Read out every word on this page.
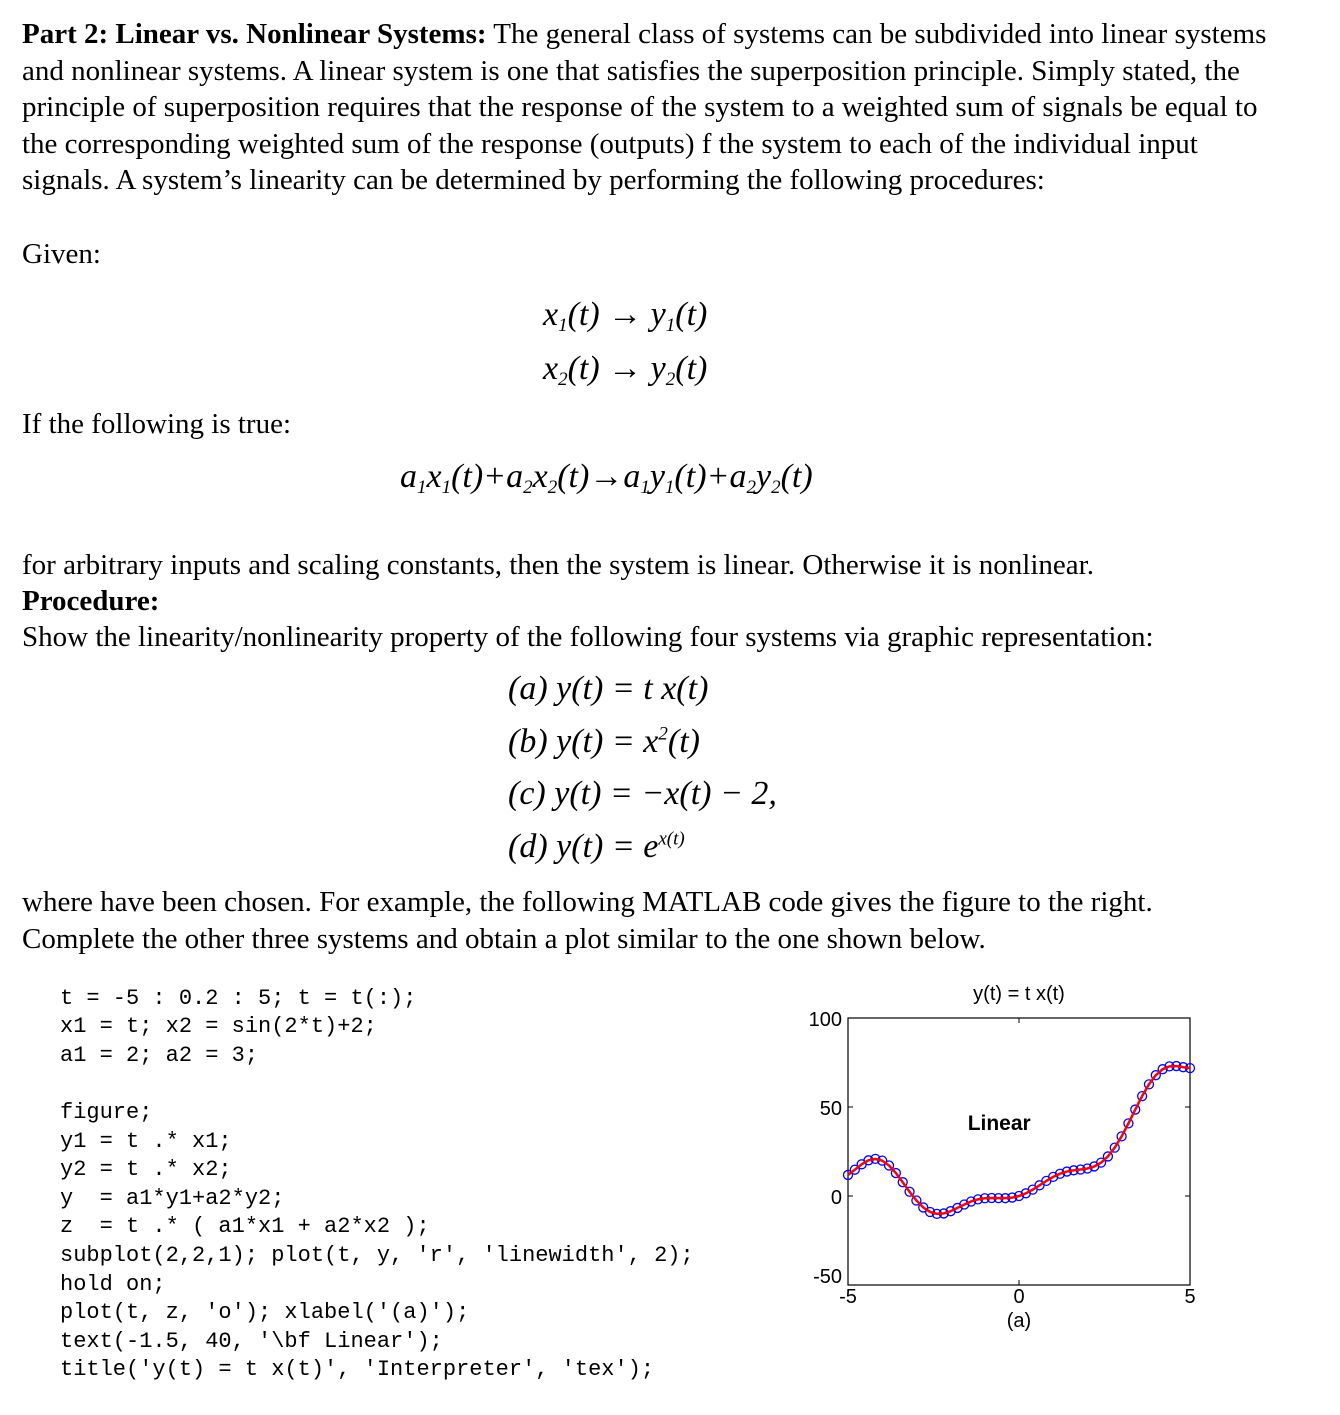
Part 2: Linear vs. Nonlinear Systems: The general class of systems can be subdivided into linear systems and nonlinear systems. A linear system is one that satisfies the superposition principle. Simply stated, the principle of superposition requires that the response of the system to a weighted sum of signals be equal to the corresponding weighted sum of the response (outputs) f the system to each of the individual input signals. A system’s linearity can be determined by performing the following procedures:
Given:
$x_1(t) \to y_1(t)$
$x_2(t) \to y_2(t)$
If the following is true:
$a_1x_1(t)+a_2x_2(t)\to a_1y_1(t)+a_2y_2(t)$
for arbitrary inputs and scaling constants, then the system is linear. Otherwise it is nonlinear.
Procedure:
Show the linearity/nonlinearity property of the following four systems via graphic representation:
(a) y(t) = t x(t)
(b) $y(t) = x^2(t)$
(c) y(t) = −x(t) − 2,
(d) $y(t) = e^{x(t)}$
where have been chosen. For example, the following MATLAB code gives the figure to the right. Complete the other three systems and obtain a plot similar to the one shown below.

t = -5 : 0.2 : 5; t = t(:);
x1 = t; x2 = sin(2*t)+2;
a1 = 2; a2 = 3;

figure;
y1 = t .* x1;
y2 = t .* x2;
y  = a1*y1+a2*y2;
z  = t .* ( a1*x1 + a2*x2 );
subplot(2,2,1); plot(t, y, 'r', 'linewidth', 2);
hold on;
plot(t, z, 'o'); xlabel('(a)');
text(-1.5, 40, '\bf Linear');
title('y(t) = t x(t)', 'Interpreter', 'tex');

100
50
0
-50
-5	0	5
y(t) = t x(t)
(a)
Linear
